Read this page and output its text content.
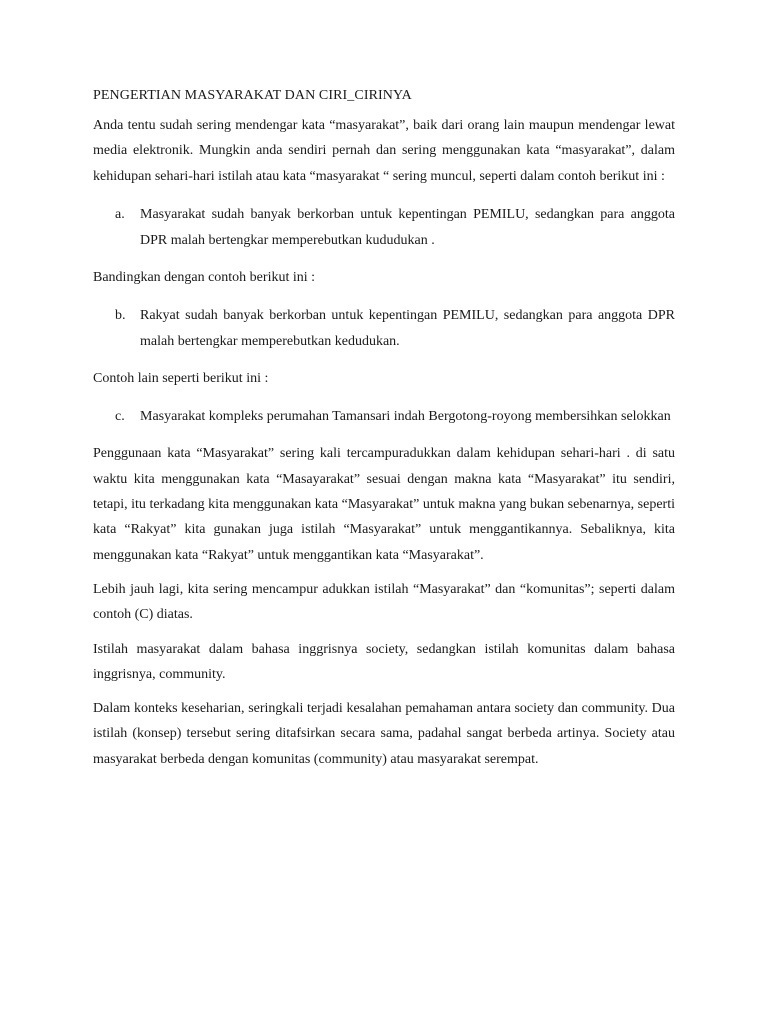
PENGERTIAN MASYARAKAT DAN CIRI_CIRINYA

Anda tentu sudah sering mendengar kata “masyarakat”, baik dari orang lain maupun mendengar lewat media elektronik. Mungkin anda sendiri pernah dan sering menggunakan kata “masyarakat”, dalam kehidupan sehari-hari istilah atau kata “masyarakat “ sering muncul, seperti dalam contoh berikut ini :

a. Masyarakat sudah banyak berkorban untuk kepentingan PEMILU, sedangkan para anggota DPR malah bertengkar memperebutkan kududukan .

Bandingkan dengan contoh berikut ini :

b. Rakyat sudah banyak berkorban untuk kepentingan PEMILU, sedangkan para anggota DPR malah bertengkar memperebutkan kedudukan.

Contoh lain seperti berikut ini :

c. Masyarakat kompleks perumahan Tamansari indah Bergotong-royong membersihkan selokkan

Penggunaan kata “Masyarakat” sering kali tercampuradukkan dalam kehidupan sehari-hari . di satu waktu kita menggunakan kata “Masayarakat” sesuai dengan makna kata “Masyarakat” itu sendiri, tetapi, itu terkadang kita menggunakan kata “Masyarakat” untuk makna yang bukan sebenarnya, seperti kata “Rakyat” kita gunakan juga istilah “Masyarakat” untuk menggantikannya. Sebaliknya, kita menggunakan kata “Rakyat” untuk menggantikan kata “Masyarakat”.

Lebih jauh lagi, kita sering mencampur adukkan istilah “Masyarakat” dan “komunitas”; seperti dalam contoh (C) diatas.

Istilah masyarakat dalam bahasa inggrisnya society, sedangkan istilah komunitas dalam bahasa inggrisnya, community.

Dalam konteks keseharian, seringkali terjadi kesalahan pemahaman antara society dan community. Dua istilah (konsep) tersebut sering ditafsirkan secara sama, padahal sangat berbeda artinya. Society atau masyarakat berbeda dengan komunitas (community) atau masyarakat serempat.
